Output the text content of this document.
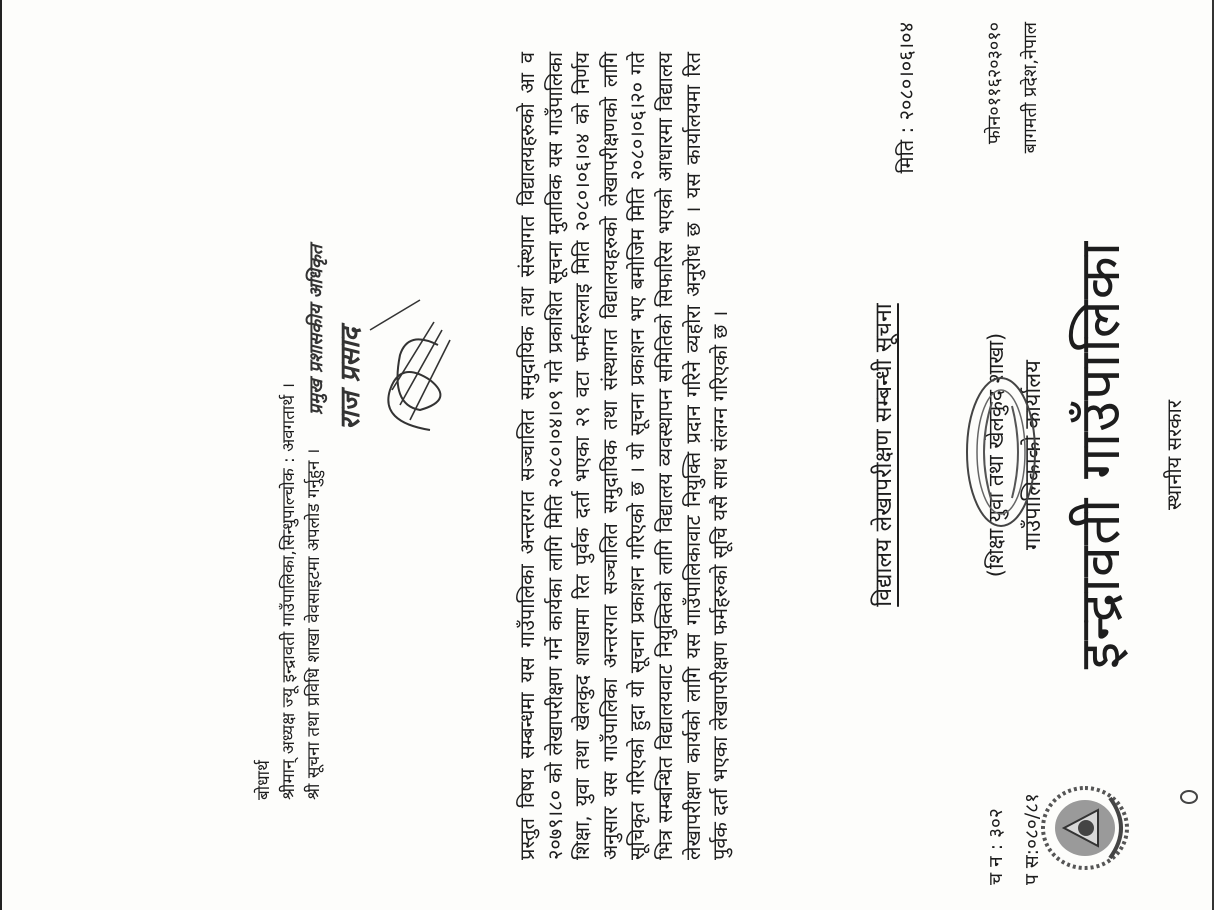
स्थानीय सरकार
इन्द्रावती गाउँपालिका
गाउँपालिकाको कार्यालय
(शिक्षा युवा तथा खेलकुद शाखा)
प स:०८०/८१
च न : ३०२
बागमती प्रदेश,नेपाल
फोन०११६२०३०१०
मिति : २०८०।०६।०४
विद्यालय लेखापरीक्षण सम्बन्धी सूचना
प्रस्तुत विषय सम्बन्धमा यस गाउँपालिका अन्तरगत सञ्चालित समुदायिक तथा संस्थागत विद्यालयहरुको आ व २०७९।८० को लेखापरीक्षण गर्ने कार्यका लागि मिति २०८०।०४।०९ गते प्रकाशित सूचना मुताविक यस गाउँपालिका शिक्षा, युवा तथा खेलकुद शाखामा रित पुर्वक दर्ता भएका २९ वटा फर्महरुलाइ मिति २०८०।०६।०४ को निर्णय अनुसार यस गाउँपालिका अन्तरगत सञ्चालित समुदायिक तथा संस्थागत विद्यालयहरुको लेखापरीक्षणको लागि सूचिकृत गरिएको हुदा यो सूचना प्रकाशन गरिएको छ । यो सूचना प्रकाशन भए बमोजिम मिति २०८०।०६।२० गते भित्र सम्बन्धित विद्यालयवाट नियुक्तिको लागि विद्यालय व्यवस्थापन समितिको सिफारिस भएको आधारमा विद्यालय लेखापरीक्षण कार्यको लागि यस गाउँपालिकावाट नियुक्ति प्रदान गरिने व्यहोरा अनुरोध छ । यस कार्यालयमा रित पुर्वक दर्ता भएका लेखापरीक्षण फर्महरुको सूचि यसै साथ संलग्न गरिएको छ ।
राज प्रसाद
प्रमुख प्रशासकीय अधिकृत
बोधार्थ श्रीमान् अध्यक्ष ज्यू इन्द्रावती गाउँपालिका,सिन्धुपाल्चोक : अवगतार्थ । श्री सूचना तथा प्रविधि शाखा वेवसाइटमा अपलोड गर्नुहुन ।
